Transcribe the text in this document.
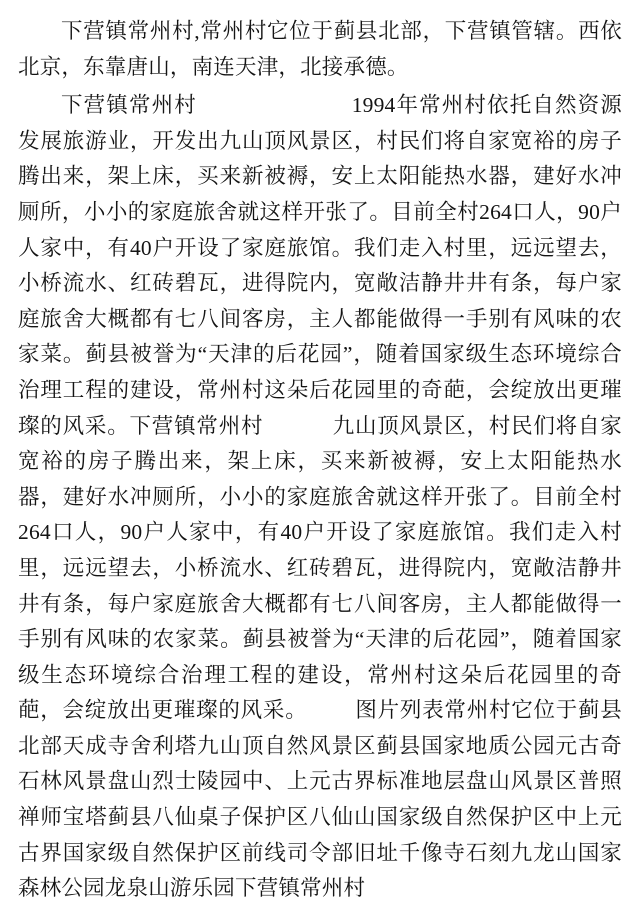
下营镇常州村,常州村它位于蓟县北部，下营镇管辖。西依北京，东靠唐山，南连天津，北接承德。

下营镇常州村	1994年常州村依托自然资源发展旅游业，开发出九山顶风景区，村民们将自家宽裕的房子腾出来，架上床，买来新被褥，安上太阳能热水器，建好水冲厕所，小小的家庭旅舍就这样开张了。目前全村264口人，90户人家中，有40户开设了家庭旅馆。我们走入村里，远远望去，小桥流水、红砖碧瓦，进得院内，宽敞洁静井井有条，每户家庭旅舍大概都有七八间客房，主人都能做得一手别有风味的农家菜。蓟县被誉为“天津的后花园”，随着国家级生态环境综合治理工程的建设，常州村这朵后花园里的奇葩，会绽放出更璀璨的风采。下营镇常州村	九山顶风景区，村民们将自家宽裕的房子腾出来，架上床，买来新被褥，安上太阳能热水器，建好水冲厕所，小小的家庭旅舍就这样开张了。目前全村264口人，90户人家中，有40户开设了家庭旅馆。我们走入村里，远远望去，小桥流水、红砖碧瓦，进得院内，宽敞洁静井井有条，每户家庭旅舍大概都有七八间客房，主人都能做得一手别有风味的农家菜。蓟县被誉为“天津的后花园”，随着国家级生态环境综合治理工程的建设，常州村这朵后花园里的奇葩，会绽放出更璀璨的风采。 图片列表常州村它位于蓟县北部天成寺舍利塔九山顶自然风景区蓟县国家地质公园元古奇石林风景盘山烈士陵园中、上元古界标准地层盘山风景区普照禅师宝塔蓟县八仙桌子保护区八仙山国家级自然保护区中上元古界国家级自然保护区前线司令部旧址千像寺石刻九龙山国家森林公园龙泉山游乐园下营镇常州村
